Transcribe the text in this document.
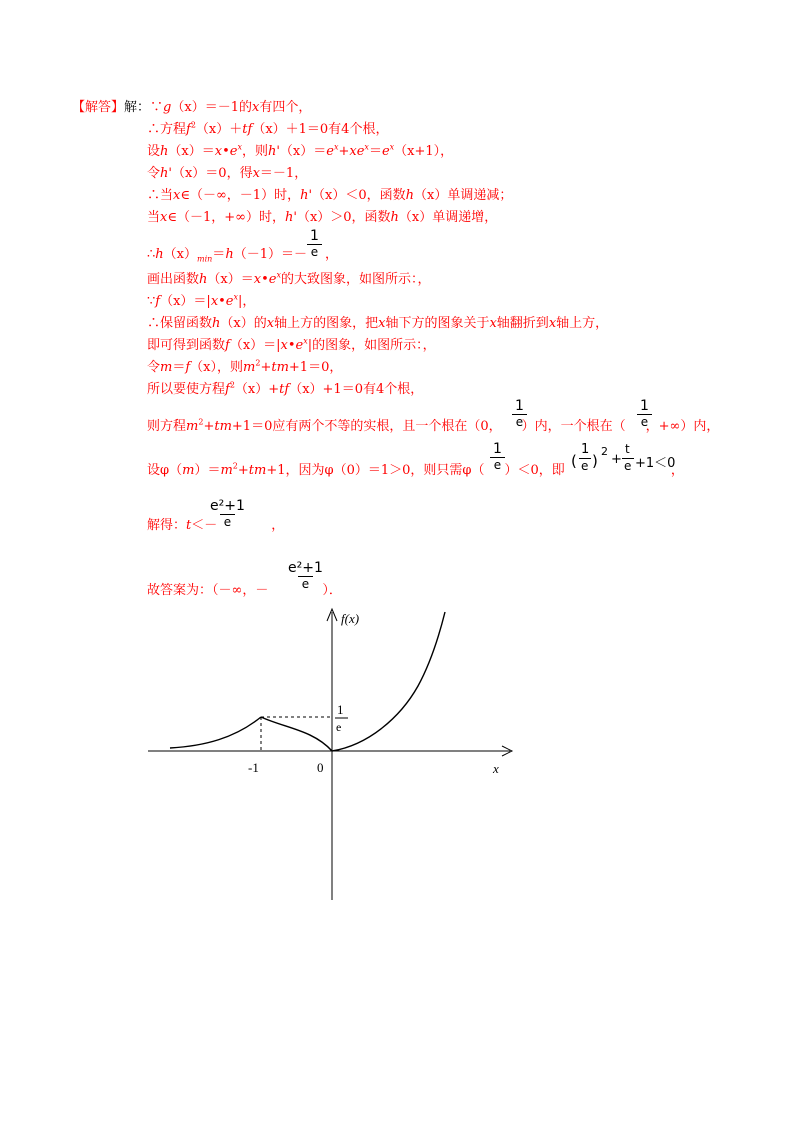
【解答】解：∵g（x）＝－1的x有四个，
∴方程$f^2(x)+tf(x)+1=0$有4个根，
设$h(x)=x•e^x$，则$h'(x)=e^x+xe^x=e^x(x+1)$，
令h'（x）＝0，得x＝－1，
∴当x∈（－∞，－1）时，h'（x）＜0，函数h（x）单调递减；
当x∈（－1，+∞）时，h'（x）＞0，函数h（x）单调递增，
$\therefore h(x)_{min}=h(-1)=-$ ，
$\frac{1}{e}$
画出函数$h(x)=x•e^x$的大致图象，如图所示：，
$\because f(x)=|x•e^x|$，
∴保留函数h（x）的x轴上方的图象，把x轴下方的图象关于x轴翻折到x轴上方，
即可得到函数$f(x)=|x•e^x|$的图象，如图所示：，
令m＝f（x），则$m^2+tm+1=0$，
所以要使方程$f^2(x)+tf(x)+1=0$有4个根，
则方程$m^2+tm+1=0$应有两个不等的实根，且一个根在（0， ）内，一个根在（ ，+∞）内，
$\frac{1}{e}$	$\frac{1}{e}$
设$\varphi(m)=m^2+tm+1$，因为φ（0）＝1＞0，则只需φ（ ）＜0，即	，
$\frac{1}{e}$	(
1
e )
2
+
t
e +1＜0
解得：t＜－	，
$\frac{\text{e²+1}}{e}$
故答案为：（－∞，－	）．
$\frac{\text{e²+1}}{e}$
f(x)
x
-1	0
1
e
